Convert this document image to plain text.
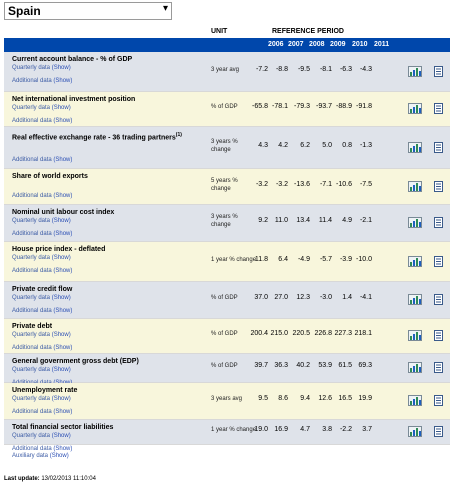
Spain	▾
UNIT	REFERENCE PERIOD
2006 2007 2008 2009 2010 2011
Current account balance - % of GDP
Quarterly data (Show)
Additional data (Show)
3 year avg	-7.2	-8.8	-9.5	-8.1	-6.3	-4.3
Net international investment position
Quarterly data (Show)
Additional data (Show)
% of GDP	-65.8 -78.1 -79.3 -93.7 -88.9 -91.8
Real effective exchange rate - 36 trading partners$^{(1)}$
Additional data (Show)
3 years % change
4.3	4.2	6.2	5.0	0.8	-1.3
Share of world exports
Additional data (Show)
5 years % change
-3.2	-3.2 -13.6	-7.1 -10.6	-7.5
Nominal unit labour cost index
Quarterly data (Show)
Additional data (Show)
3 years % change
9.2 11.0	13.4	11.4	4.9	-2.1
House price index - deflated
Quarterly data (Show)
Additional data (Show)
1 year % change
11.8	6.4	-4.9	-5.7	-3.9 -10.0
Private credit flow
Quarterly data (Show)
Additional data (Show)
% of GDP	37.0 27.0	12.3	-3.0	1.4	-4.1
Private debt
Quarterly data (Show)
Additional data (Show)
% of GDP	200.4 215.0 220.5 226.8 227.3 218.1
General government gross debt (EDP)
Quarterly data (Show)
% of GDP	39.7 36.3	40.2	53.9 61.5 69.3
Unemployment rate
Quarterly data (Show)
Additional data (Show)
3 years avg	9.5	8.6	9.4	12.6 16.5 19.9
Total financial sector liabilities
Quarterly data (Show)
Additional data (Show)
1 year % change
19.0 16.9	4.7	3.8	-2.2	3.7
Auxiliary data (Show)
Last update: 13/02/2013 11:10:04
